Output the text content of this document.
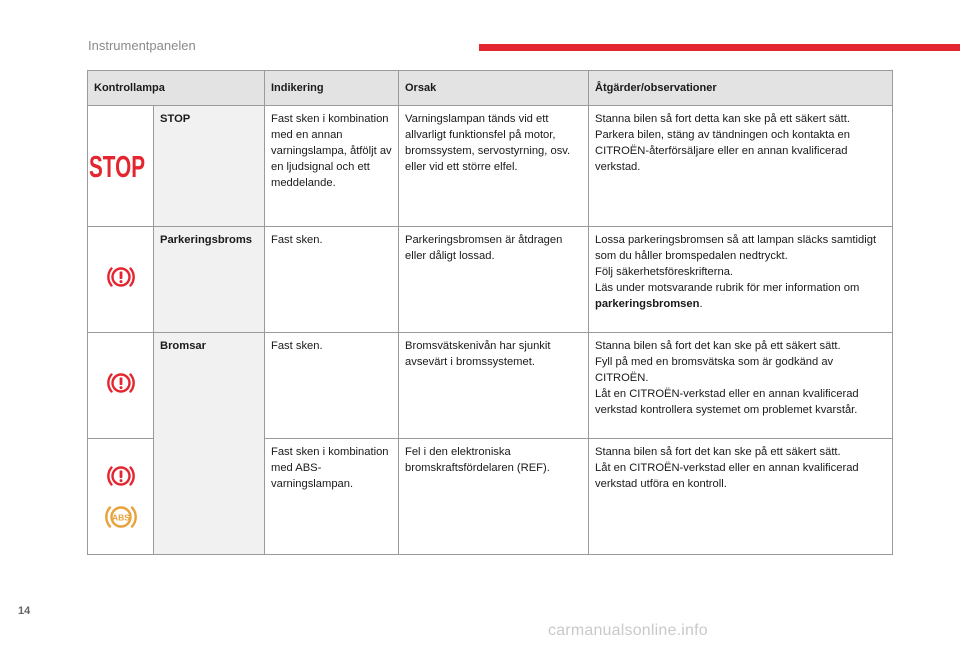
Instrumentpanelen
Kontrollampa		Indikering	Orsak	Åtgärder/observationer

STOP	STOP	Fast sken i kombination med en annan varningslampa, åtföljt av en ljudsignal och ett meddelande.	Varningslampan tänds vid ett allvarligt funktionsfel på motor, bromssystem, servostyrning, osv. eller vid ett större elfel.	Stanna bilen så fort detta kan ske på ett säkert sätt. Parkera bilen, stäng av tändningen och kontakta en CITROËN-återförsäljare eller en annan kvalificerad verkstad.
	Parkeringsbroms	Fast sken.	Parkeringsbromsen är åtdragen eller dåligt lossad.	Lossa parkeringsbromsen så att lampan släcks samtidigt som du håller bromspedalen nedtryckt.
Följ säkerhetsföreskrifterna.
Läs under motsvarande rubrik för mer information om
parkeringsbromsen.

	Bromsar	Fast sken.	Bromsvätskenivån har sjunkit avsevärt i bromssystemet.	Stanna bilen så fort det kan ske på ett säkert sätt.
Fyll på med en bromsvätska som är godkänd av CITROËN.
Låt en CITROËN-verkstad eller en annan kvalificerad verkstad kontrollera systemet om problemet kvarstår.

ABS		Fast sken i kombination med ABS-varningslampan.	Fel i den elektroniska bromskraftsfördelaren (REF).	Stanna bilen så fort det kan ske på ett säkert sätt.
Låt en CITROËN-verkstad eller en annan kvalificerad verkstad utföra en kontroll.
14
carmanualsonline.info
